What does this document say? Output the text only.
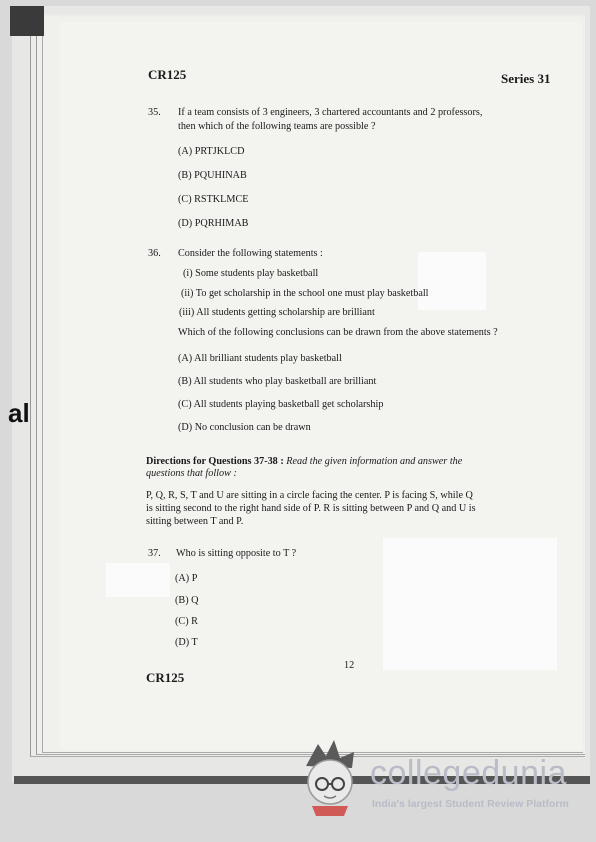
al
CR125	Series 31
35. If a team consists of 3 engineers, 3 chartered accountants and 2 professors,
then which of the following teams are possible ?
(A) PRTJKLCD
(B) PQUHINAB
(C) RSTKLMCE
(D) PQRHIMAB
36. Consider the following statements :
(i) Some students play basketball
(ii) To get scholarship in the school one must play basketball
(iii) All students getting scholarship are brilliant
Which of the following conclusions can be drawn from the above statements ?
(A) All brilliant students play basketball
(B) All students who play basketball are brilliant
(C) All students playing basketball get scholarship
(D) No conclusion can be drawn
Directions for Questions 37-38 : Read the given information and answer the
questions that follow :
P, Q, R, S, T and U are sitting in a circle facing the center. P is facing S, while Q
is sitting second to the right hand side of P. R is sitting between P and Q and U is
sitting between T and P.
37. Who is sitting opposite to T ?
(A) P
(B) Q
(C) R
(D) T
12
CR125
collegedunia
India's largest Student Review Platform
